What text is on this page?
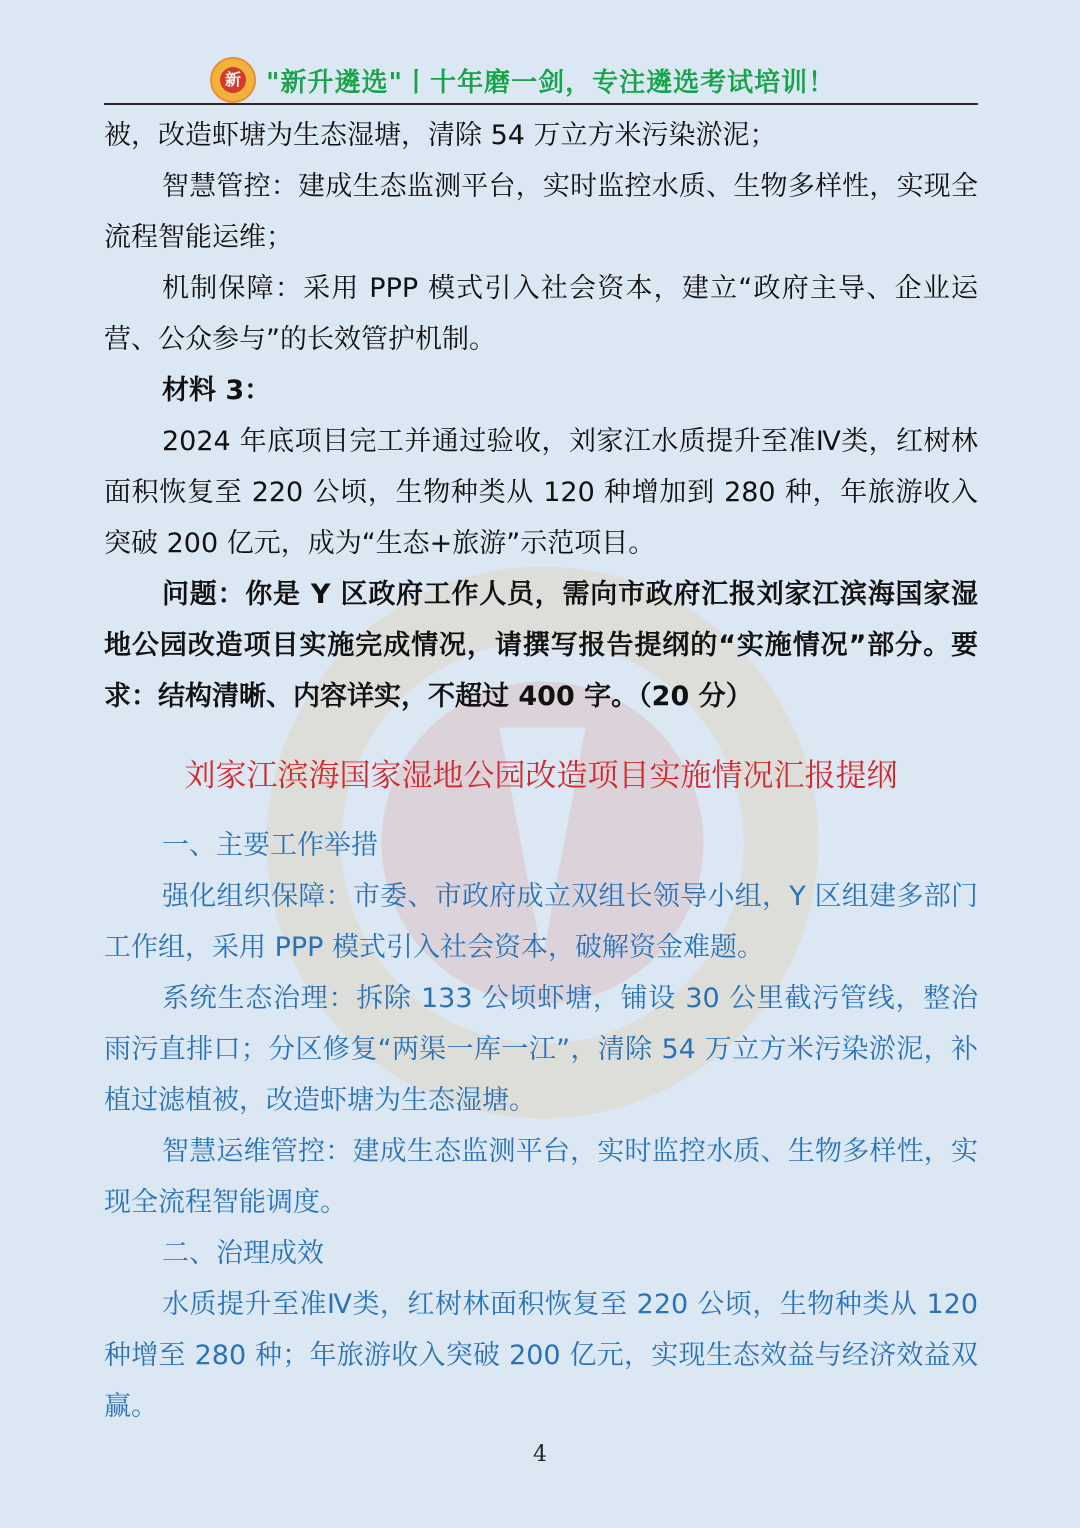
新 "新升遴选"丨十年磨一剑，专注遴选考试培训！

被，改造虾塘为生态湿塘，清除 54 万立方米污染淤泥；

智慧管控：建成生态监测平台，实时监控水质、生物多样性，实现全流程智能运维；

机制保障：采用 PPP 模式引入社会资本，建立“政府主导、企业运营、公众参与”的长效管护机制。

材料 3：

2024 年底项目完工并通过验收，刘家江水质提升至准Ⅳ类，红树林面积恢复至 220 公顷，生物种类从 120 种增加到 280 种，年旅游收入突破 200 亿元，成为“生态+旅游”示范项目。

问题：你是 Y 区政府工作人员，需向市政府汇报刘家江滨海国家湿地公园改造项目实施完成情况，请撰写报告提纲的“实施情况”部分。要求：结构清晰、内容详实，不超过 400 字。（20 分）

刘家江滨海国家湿地公园改造项目实施情况汇报提纲

一、主要工作举措

强化组织保障：市委、市政府成立双组长领导小组，Y 区组建多部门工作组，采用 PPP 模式引入社会资本，破解资金难题。

系统生态治理：拆除 133 公顷虾塘，铺设 30 公里截污管线，整治雨污直排口；分区修复“两渠一库一江”，清除 54 万立方米污染淤泥，补植过滤植被，改造虾塘为生态湿塘。

智慧运维管控：建成生态监测平台，实时监控水质、生物多样性，实现全流程智能调度。

二、治理成效

水质提升至准Ⅳ类，红树林面积恢复至 220 公顷，生物种类从 120 种增至 280 种；年旅游收入突破 200 亿元，实现生态效益与经济效益双赢。

4
